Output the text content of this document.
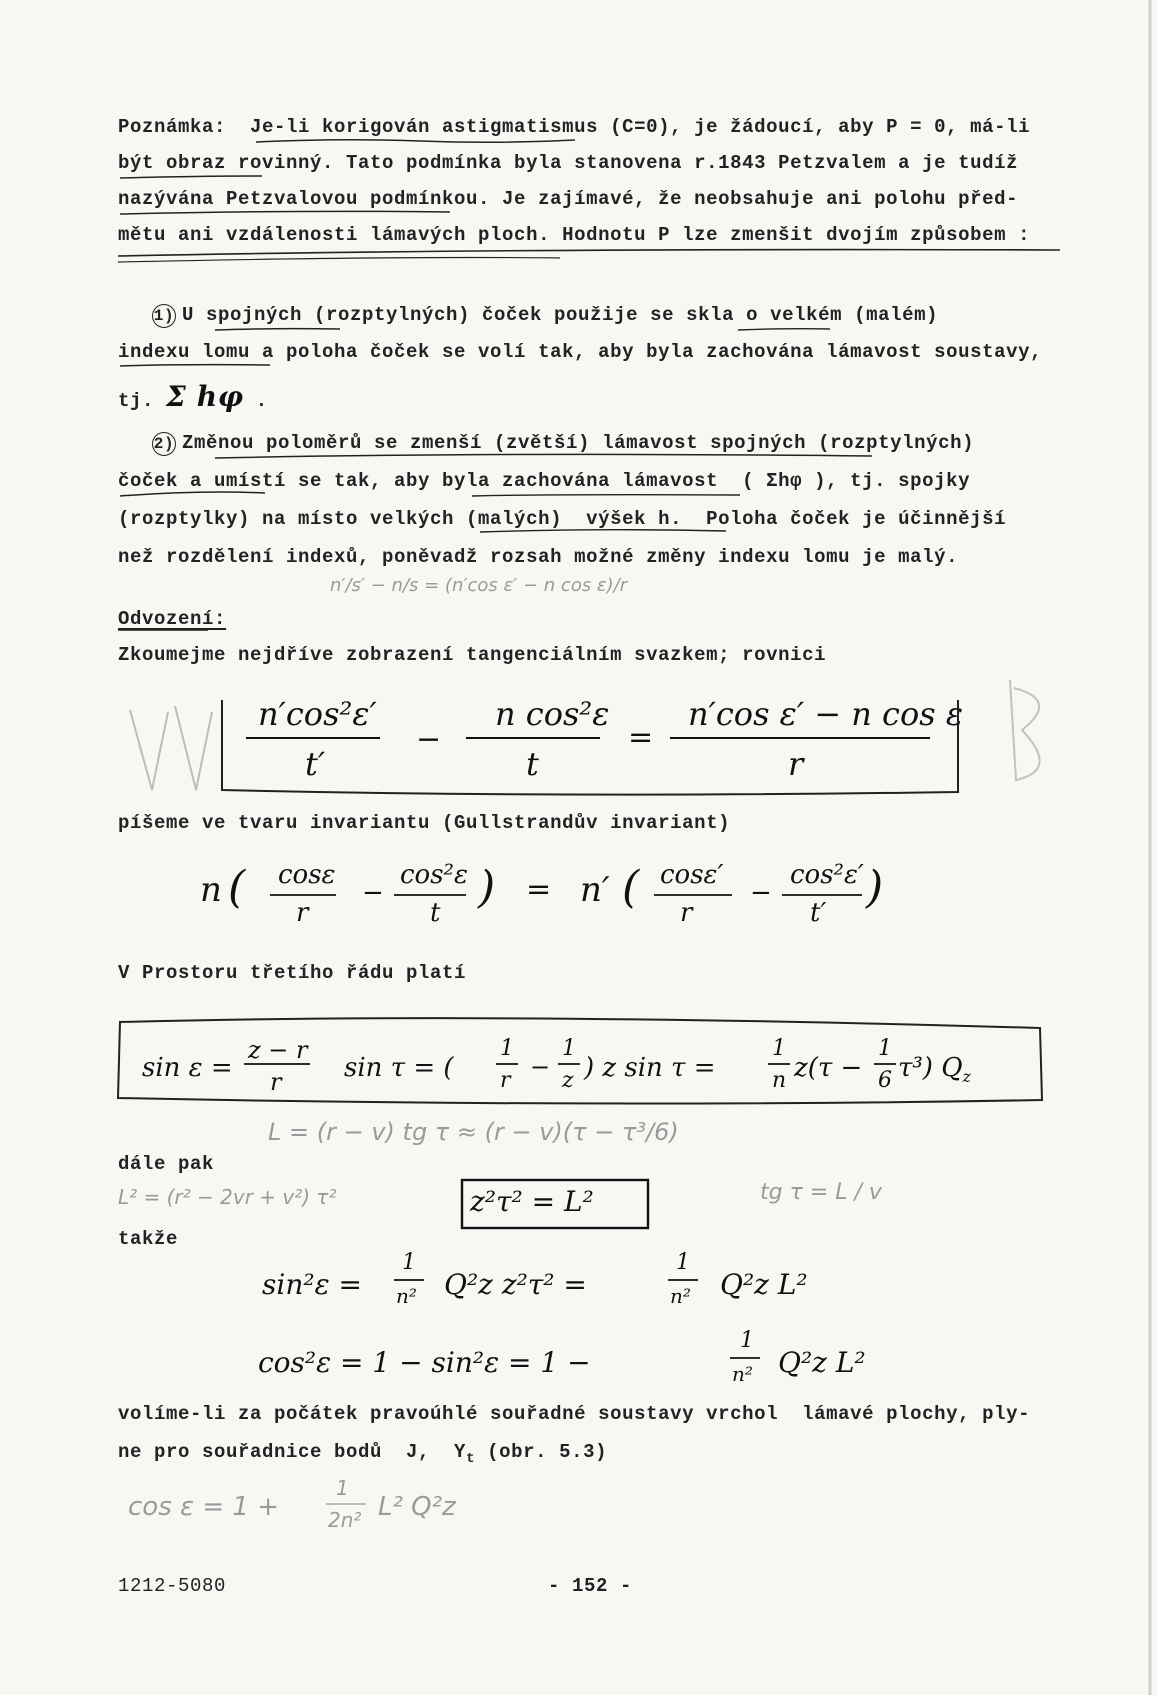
Poznámka:  Je-li korigován astigmatismus (C=0), je žádoucí, aby P = 0, má-li
být obraz rovinný. Tato podmínka byla stanovena r.1843 Petzvalem a je tudíž
nazývána Petzvalovou podmínkou. Je zajímavé, že neobsahuje ani polohu před-
mětu ani vzdálenosti lámavých ploch. Hodnotu P lze zmenšit dvojím způsobem :
1) U spojných (rozptylných) čoček použije se skla o velkém (malém)
indexu lomu a poloha čoček se volí tak, aby byla zachována lámavost soustavy,
tj. Σ hφ .
2) Změnou poloměrů se zmenší (zvětší) lámavost spojných (rozptylných)
čoček a umístí se tak, aby byla zachována lámavost  ( Σhφ ), tj. spojky
(rozptylky) na místo velkých (malých)  výšek h.  Poloha čoček je účinnější
než rozdělení indexů, poněvadž rozsah možné změny indexu lomu je malý.
n′/s′ − n/s = (n′cos ε′ − n cos ε)/r
Odvození:
Zkoumejme nejdříve zobrazení tangenciálním svazkem; rovnici
n′cos²ε′
t′
−
n cos²ε
t
=
n′cos ε′ − n cos ε
r
píšeme ve tvaru invariantu (Gullstrandův invariant)
n ( cosε
r
−
cos²ε
t ) = n′ ( cosε′
r
−
cos²ε′
t′ )
V Prostoru třetího řádu platí
sin ε =
z − r
r sin τ = (
1
r −
1
z ) z sin τ =
1
n z(τ −
1
6 τ³) $Q_z$
L = (r − v) tg τ ≈ (r − v)(τ − τ³/6)
dále pak
L² = (r² − 2vr + v²) τ²	tg τ = L / v
z²τ² = L²
takže
sin²ε =
1
n² Q²z z²τ² =
1
n² Q²z L²
cos²ε = 1 − sin²ε = 1 −
1
n² Q²z L²
volíme-li za počátek pravoúhlé souřadné soustavy vrchol  lámavé plochy, ply-
ne pro souřadnice bodů  J,  $Y_t$ (obr. 5.3)
cos ε = 1 +
1
2n² L² Q²z
1212-5080	- 152 -
